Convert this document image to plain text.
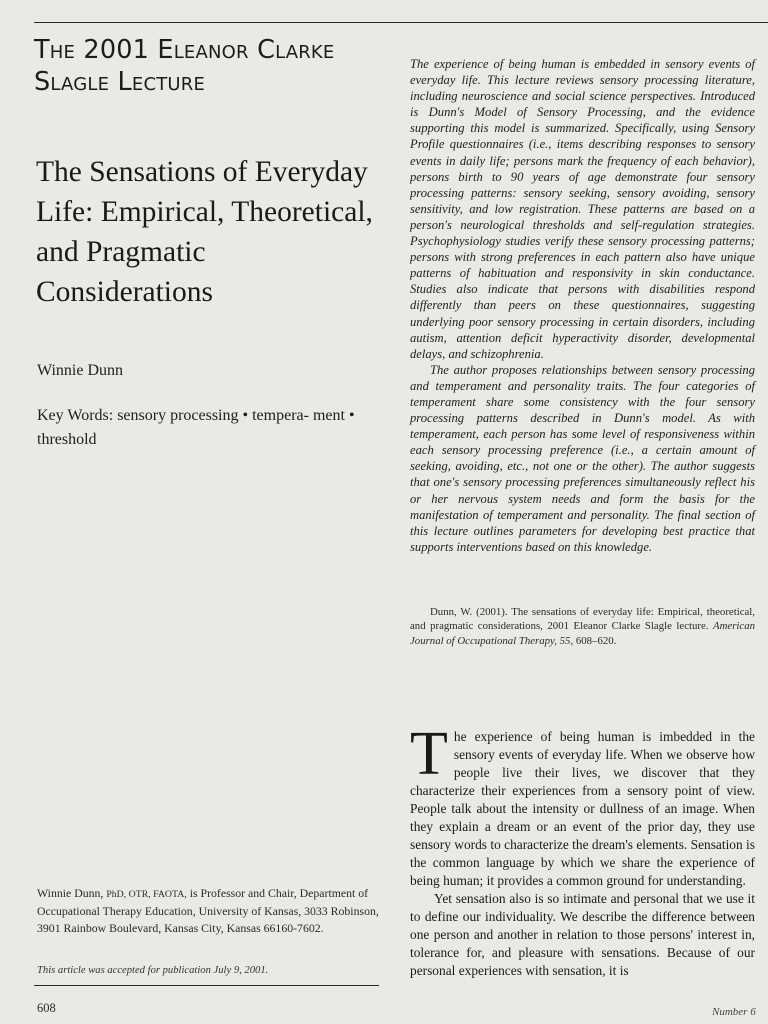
The 2001 Eleanor Clarke Slagle Lecture
The Sensations of Everyday Life: Empirical, Theoretical, and Pragmatic Considerations

Winnie Dunn

Key Words: sensory processing • tempera- ment • threshold

The experience of being human is embedded in sensory events of everyday life. This lecture reviews sensory processing literature, including neuroscience and social science perspectives. Introduced is Dunn's Model of Sensory Processing, and the evidence supporting this model is summarized. Specifically, using Sensory Profile questionnaires (i.e., items describing responses to sensory events in daily life; persons mark the frequency of each behavior), persons birth to 90 years of age demonstrate four sensory processing patterns: sensory seeking, sensory avoiding, sensory sensitivity, and low registration. These patterns are based on a person's neurological thresholds and self-regulation strategies. Psychophysiology studies verify these sensory processing patterns; persons with strong preferences in each pattern also have unique patterns of habituation and responsivity in skin conductance. Studies also indicate that persons with disabilities respond differently than peers on these questionnaires, suggesting underlying poor sensory processing in certain disorders, including autism, attention deficit hyperactivity disorder, developmental delays, and schizophrenia.

The author proposes relationships between sensory processing and temperament and personality traits. The four categories of temperament share some consistency with the four sensory processing patterns described in Dunn's model. As with temperament, each person has some level of responsiveness within each sensory processing preference (i.e., a certain amount of seeking, avoiding, etc., not one or the other). The author suggests that one's sensory processing preferences simultaneously reflect his or her nervous system needs and form the basis for the manifestation of temperament and personality. The final section of this lecture outlines parameters for developing best practice that supports interventions based on this knowledge.

Dunn, W. (2001). The sensations of everyday life: Empirical, theoretical, and pragmatic considerations, 2001 Eleanor Clarke Slagle lecture. American Journal of Occupational Therapy, 55, 608–620.

The experience of being human is imbedded in the sensory events of everyday life. When we observe how people live their lives, we discover that they characterize their experiences from a sensory point of view. People talk about the intensity or dullness of an image. When they explain a dream or an event of the prior day, they use sensory words to characterize the dream's elements. Sensation is the common language by which we share the experience of being human; it provides a common ground for understanding.

Yet sensation also is so intimate and personal that we use it to define our individuality. We describe the difference between one person and another in relation to those persons' interest in, tolerance for, and pleasure with sensations. Because of our personal experiences with sensation, it is

Winnie Dunn, PhD, OTR, FAOTA, is Professor and Chair, Department of Occupational Therapy Education, University of Kansas, 3033 Robinson, 3901 Rainbow Boulevard, Kansas City, Kansas 66160-7602.
This article was accepted for publication July 9, 2001.
608	Number 6
